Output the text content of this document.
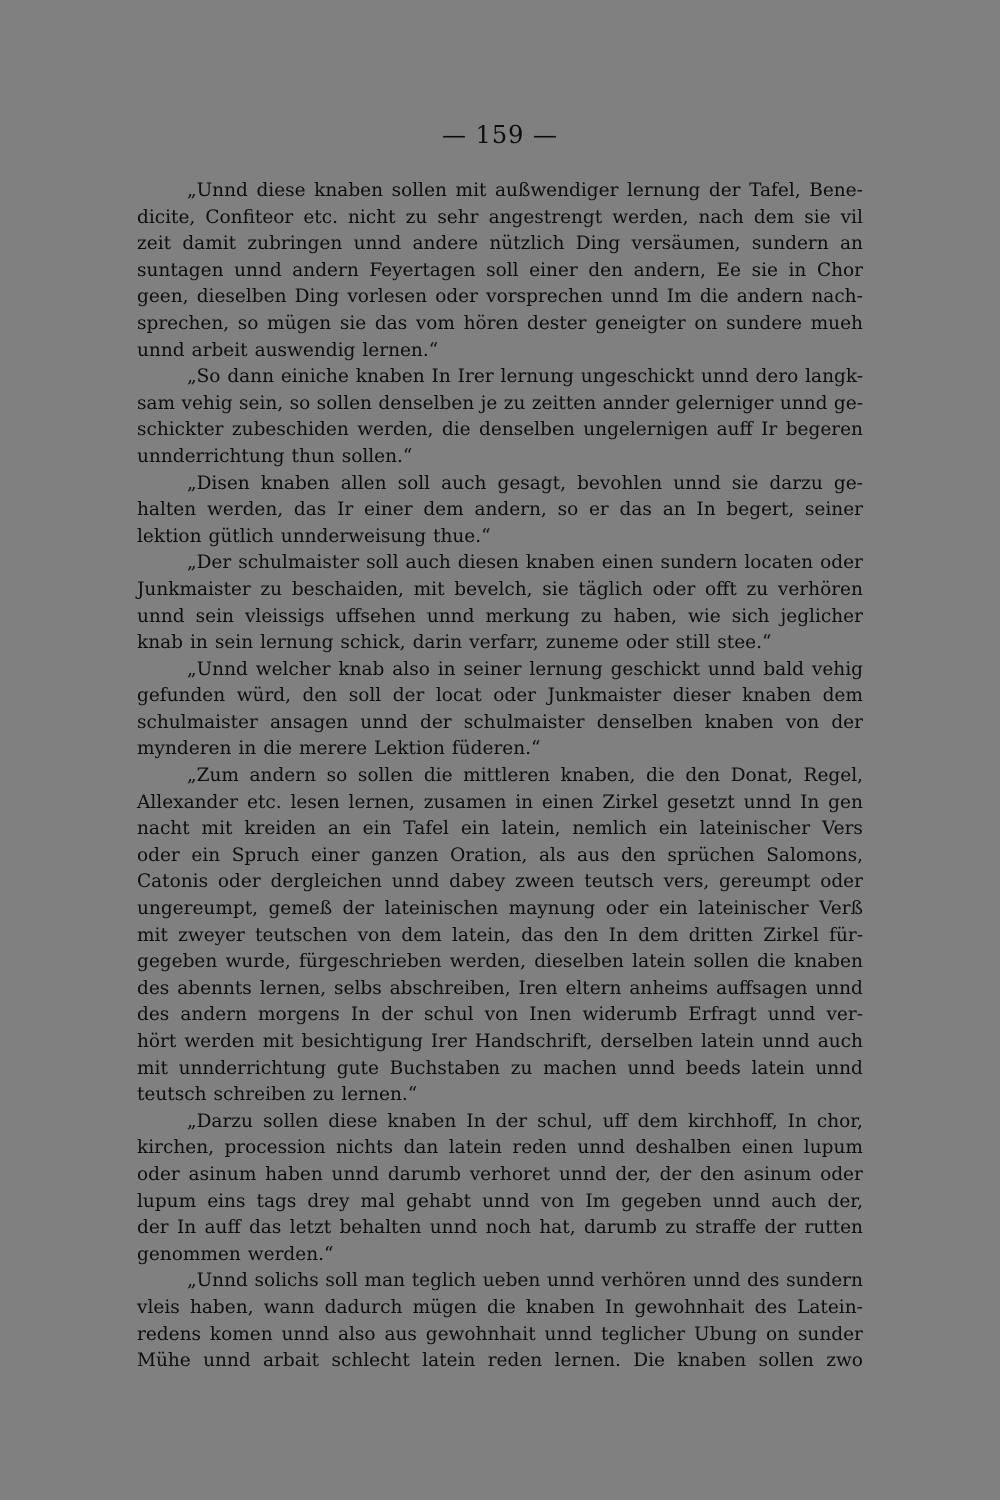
— 159 —
„Unnd diese knaben sollen mit außwendiger lernung der Tafel, Bene-
dicite, Confiteor etc. nicht zu sehr angestrengt werden, nach dem sie vil
zeit damit zubringen unnd andere nützlich Ding versäumen, sundern an
suntagen unnd andern Feyertagen soll einer den andern, Ee sie in Chor
geen, dieselben Ding vorlesen oder vorsprechen unnd Im die andern nach-
sprechen, so mügen sie das vom hören dester geneigter on sundere mueh
unnd arbeit auswendig lernen.“
„So dann einiche knaben In Irer lernung ungeschickt unnd dero langk-
sam vehig sein, so sollen denselben je zu zeitten annder gelerniger unnd ge-
schickter zubeschiden werden, die denselben ungelernigen auff Ir begeren
unnderrichtung thun sollen.“
„Disen knaben allen soll auch gesagt, bevohlen unnd sie darzu ge-
halten werden, das Ir einer dem andern, so er das an In begert, seiner
lektion gütlich unnderweisung thue.“
„Der schulmaister soll auch diesen knaben einen sundern locaten oder
Junkmaister zu beschaiden, mit bevelch, sie täglich oder offt zu verhören
unnd sein vleissigs uffsehen unnd merkung zu haben, wie sich jeglicher
knab in sein lernung schick, darin verfarr, zuneme oder still stee.“
„Unnd welcher knab also in seiner lernung geschickt unnd bald vehig
gefunden würd, den soll der locat oder Junkmaister dieser knaben dem
schulmaister ansagen unnd der schulmaister denselben knaben von der
mynderen in die merere Lektion füderen.“
„Zum andern so sollen die mittleren knaben, die den Donat, Regel,
Allexander etc. lesen lernen, zusamen in einen Zirkel gesetzt unnd In gen
nacht mit kreiden an ein Tafel ein latein, nemlich ein lateinischer Vers
oder ein Spruch einer ganzen Oration, als aus den sprüchen Salomons,
Catonis oder dergleichen unnd dabey zween teutsch vers, gereumpt oder
ungereumpt, gemeß der lateinischen maynung oder ein lateinischer Verß
mit zweyer teutschen von dem latein, das den In dem dritten Zirkel für-
gegeben wurde, fürgeschrieben werden, dieselben latein sollen die knaben
des abennts lernen, selbs abschreiben, Iren eltern anheims auffsagen unnd
des andern morgens In der schul von Inen widerumb Erfragt unnd ver-
hört werden mit besichtigung Irer Handschrift, derselben latein unnd auch
mit unnderrichtung gute Buchstaben zu machen unnd beeds latein unnd
teutsch schreiben zu lernen.“
„Darzu sollen diese knaben In der schul, uff dem kirchhoff, In chor,
kirchen, procession nichts dan latein reden unnd deshalben einen lupum
oder asinum haben unnd darumb verhoret unnd der, der den asinum oder
lupum eins tags drey mal gehabt unnd von Im gegeben unnd auch der,
der In auff das letzt behalten unnd noch hat, darumb zu straffe der rutten
genommen werden.“
„Unnd solichs soll man teglich ueben unnd verhören unnd des sundern
vleis haben, wann dadurch mügen die knaben In gewohnhait des Latein-
redens komen unnd also aus gewohnhait unnd teglicher Ubung on sunder
Mühe unnd arbait schlecht latein reden lernen. Die knaben sollen zwo
